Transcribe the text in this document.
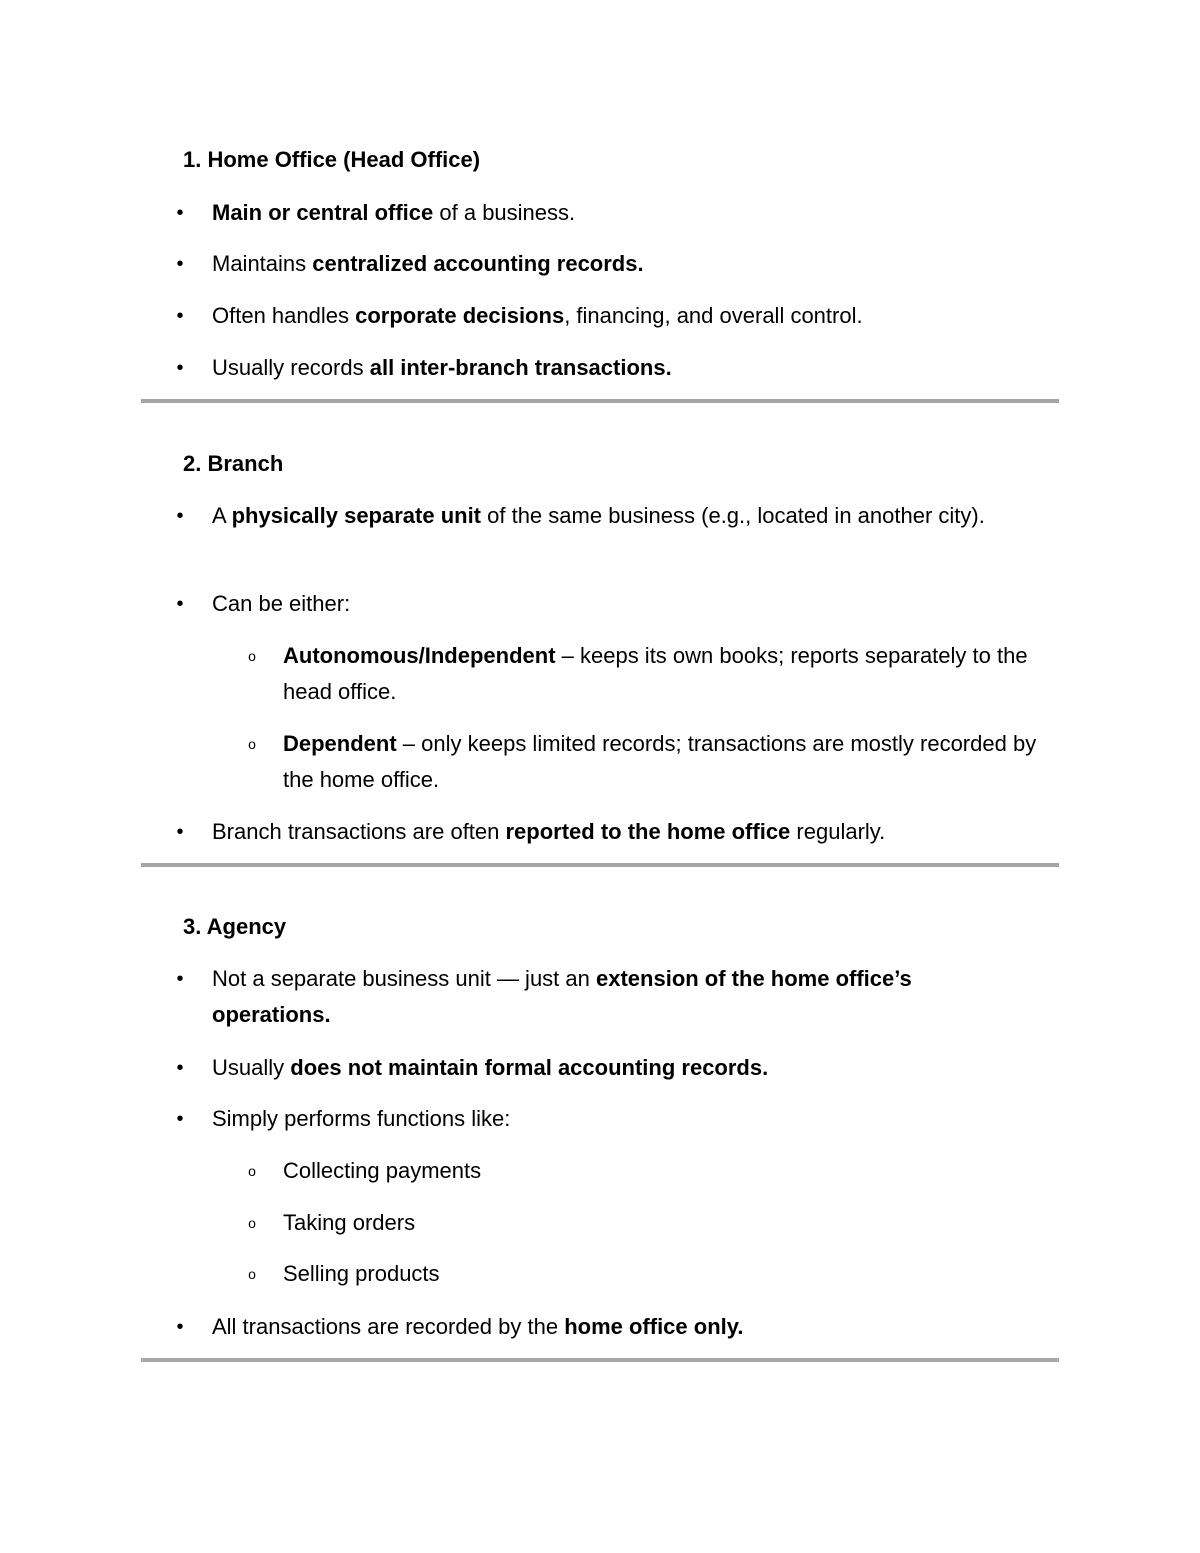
1. Home Office (Head Office)
• Main or central office of a business.
• Maintains centralized accounting records.
• Often handles corporate decisions, financing, and overall control.
• Usually records all inter-branch transactions.
2. Branch
• A physically separate unit of the same business (e.g., located in another city).
• Can be either:
o Autonomous/Independent – keeps its own books; reports separately to the head office.
o Dependent – only keeps limited records; transactions are mostly recorded by the home office.
• Branch transactions are often reported to the home office regularly.
3. Agency
• Not a separate business unit — just an extension of the home office’s operations.
• Usually does not maintain formal accounting records.
• Simply performs functions like:
o Collecting payments
o Taking orders
o Selling products
• All transactions are recorded by the home office only.
